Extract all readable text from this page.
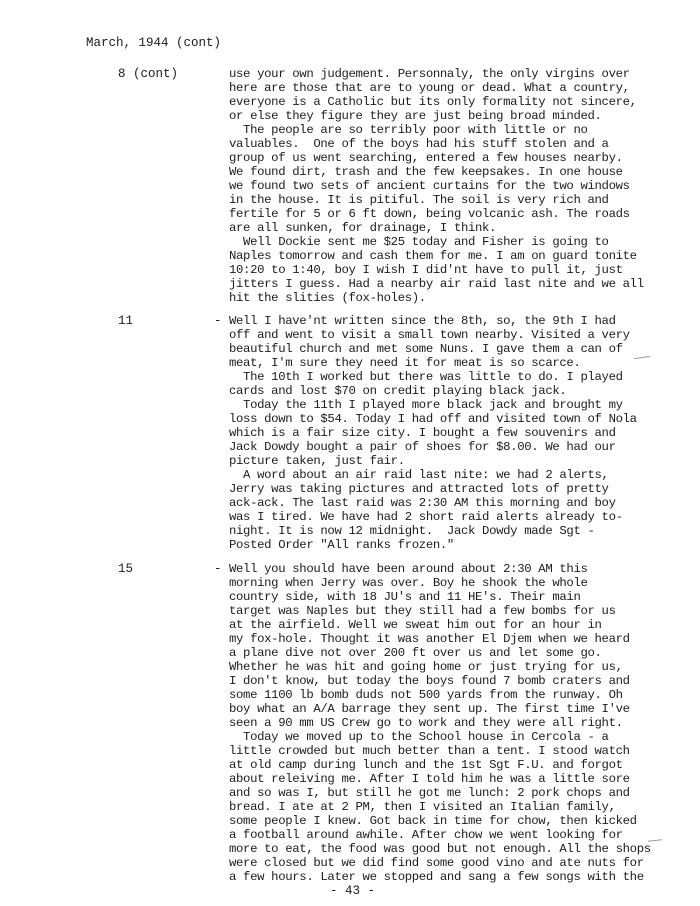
March, 1944 (cont)
8 (cont)	use your own judgement. Personnaly, the only virgins over
here are those that are to young or dead. What a country,
everyone is a Catholic but its only formality not sincere,
or else they figure they are just being broad minded.
The people are so terribly poor with little or no
valuables.  One of the boys had his stuff stolen and a
group of us went searching, entered a few houses nearby.
We found dirt, trash and the few keepsakes. In one house
we found two sets of ancient curtains for the two windows
in the house. It is pitiful. The soil is very rich and
fertile for 5 or 6 ft down, being volcanic ash. The roads
are all sunken, for drainage, I think.
Well Dockie sent me $25 today and Fisher is going to
Naples tomorrow and cash them for me. I am on guard tonite
10:20 to 1:40, boy I wish I did'nt have to pull it, just
jitters I guess. Had a nearby air raid last nite and we all
hit the slities (fox-holes).
11	- Well I have'nt written since the 8th, so, the 9th I had
off and went to visit a small town nearby. Visited a very
beautiful church and met some Nuns. I gave them a can of
meat, I'm sure they need it for meat is so scarce.
The 10th I worked but there was little to do. I played
cards and lost $70 on credit playing black jack.
Today the 11th I played more black jack and brought my
loss down to $54. Today I had off and visited town of Nola
which is a fair size city. I bought a few souvenirs and
Jack Dowdy bought a pair of shoes for $8.00. We had our
picture taken, just fair.
A word about an air raid last nite: we had 2 alerts,
Jerry was taking pictures and attracted lots of pretty
ack-ack. The last raid was 2:30 AM this morning and boy
was I tired. We have had 2 short raid alerts already to-
night. It is now 12 midnight.  Jack Dowdy made Sgt -
Posted Order "All ranks frozen."
15	- Well you should have been around about 2:30 AM this
morning when Jerry was over. Boy he shook the whole
country side, with 18 JU's and 11 HE's. Their main
target was Naples but they still had a few bombs for us
at the airfield. Well we sweat him out for an hour in
my fox-hole. Thought it was another El Djem when we heard
a plane dive not over 200 ft over us and let some go.
Whether he was hit and going home or just trying for us,
I don't know, but today the boys found 7 bomb craters and
some 1100 lb bomb duds not 500 yards from the runway. Oh
boy what an A/A barrage they sent up. The first time I've
seen a 90 mm US Crew go to work and they were all right.
Today we moved up to the School house in Cercola - a
little crowded but much better than a tent. I stood watch
at old camp during lunch and the 1st Sgt F.U. and forgot
about releiving me. After I told him he was a little sore
and so was I, but still he got me lunch: 2 pork chops and
bread. I ate at 2 PM, then I visited an Italian family,
some people I knew. Got back in time for chow, then kicked
a football around awhile. After chow we went looking for
more to eat, the food was good but not enough. All the shops
were closed but we did find some good vino and ate nuts for
a few hours. Later we stopped and sang a few songs with the
- 43 -
